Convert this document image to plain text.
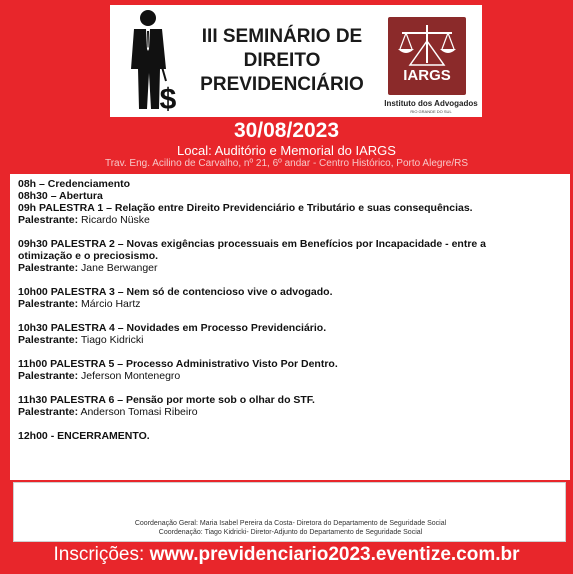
$
III SEMINÁRIO DE
DIREITO
PREVIDENCIÁRIO	IARGS
Instituto dos Advogados
RIO GRANDE DO SUL
30/08/2023
Local: Auditório e Memorial do IARGS
Trav. Eng. Acilino de Carvalho, nº 21, 6º andar - Centro Histórico, Porto Alegre/RS
08h – Credenciamento
08h30 – Abertura
09h PALESTRA 1 – Relação entre Direito Previdenciário e Tributário e suas consequências.
Palestrante: Ricardo Nüske
09h30 PALESTRA 2 – Novas exigências processuais em Benefícios por Incapacidade - entre a
otimização e o preciosismo.
Palestrante: Jane Berwanger
10h00 PALESTRA 3 – Nem só de contencioso vive o advogado.
Palestrante: Márcio Hartz
10h30 PALESTRA 4 – Novidades em Processo Previdenciário.
Palestrante: Tiago Kidricki
11h00 PALESTRA 5 – Processo Administrativo Visto Por Dentro.
Palestrante: Jeferson Montenegro
11h30 PALESTRA 6 – Pensão por morte sob o olhar do STF.
Palestrante: Anderson Tomasi Ribeiro
12h00 - ENCERRAMENTO.
Coordenação Geral: Maria Isabel Pereira da Costa- Diretora do Departamento de Seguridade Social
Coordenação: Tiago Kidricki- Diretor-Adjunto do Departamento de Seguridade Social
Inscrições: www.previdenciario2023.eventize.com.br
